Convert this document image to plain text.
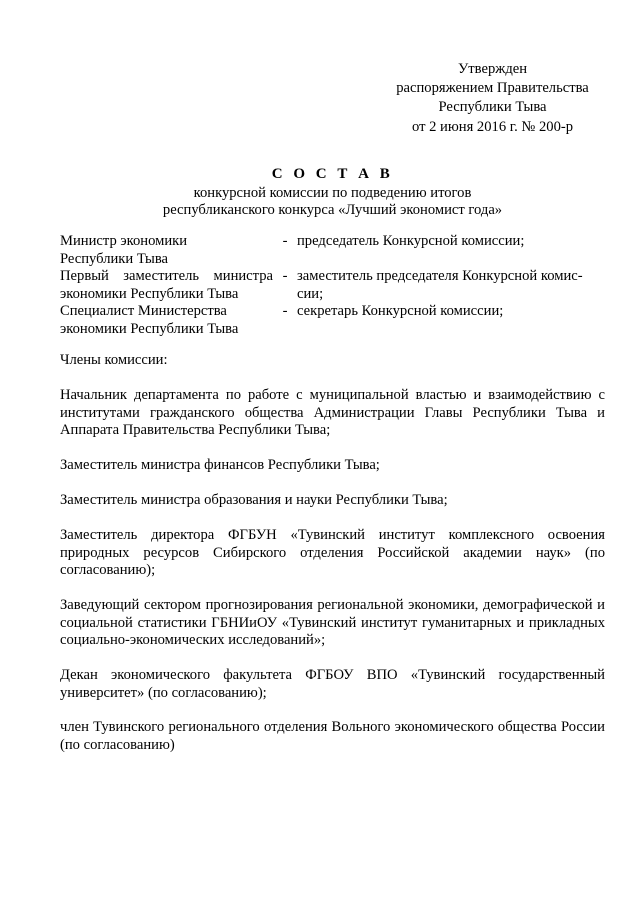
Утвержден
распоряжением Правительства
Республики Тыва
от 2 июня 2016 г. № 200-р
С О С Т А В
конкурсной комиссии по подведению итогов
республиканского конкурса «Лучший экономист года»
Министр экономики
Республики Тыва
- председатель Конкурсной комиссии;
Первый заместитель министра
экономики Республики Тыва
- заместитель председателя Конкурсной комис-
сии;
Специалист Министерства
экономики Республики Тыва
- секретарь Конкурсной комиссии;
Члены комиссии:
Начальник департамента по работе с муниципальной властью и взаимодействию с институтами гражданского общества Администрации Главы Республики Тыва и Аппарата Правительства Республики Тыва;
Заместитель министра финансов Республики Тыва;
Заместитель министра образования и науки Республики Тыва;
Заместитель директора ФГБУН «Тувинский институт комплексного освоения природных ресурсов Сибирского отделения Российской академии наук» (по согласованию);
Заведующий сектором прогнозирования региональной экономики, демографической и социальной статистики ГБНИиОУ «Тувинский институт гуманитарных и прикладных социально-экономических исследований»;
Декан экономического факультета ФГБОУ ВПО «Тувинский государственный университет» (по согласованию);
член Тувинского регионального отделения Вольного экономического общества России (по согласованию)
